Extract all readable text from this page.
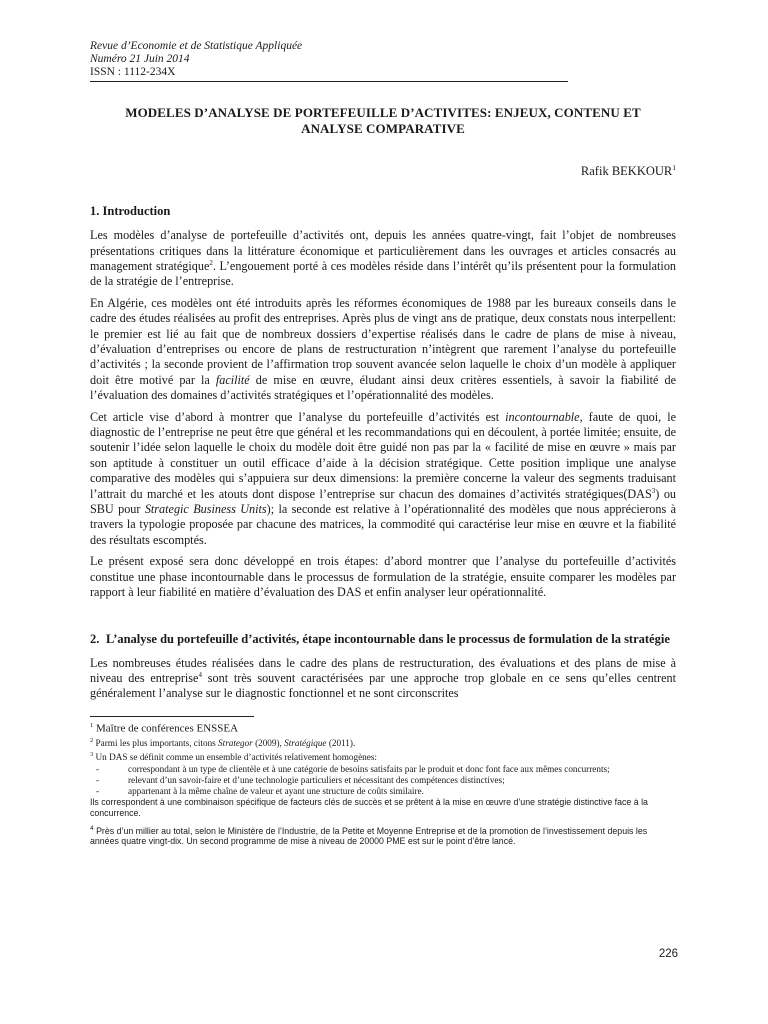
Revue d’Economie et de Statistique Appliquée
Numéro 21 Juin 2014
ISSN : 1112-234X
MODELES D’ANALYSE DE PORTEFEUILLE D’ACTIVITES: ENJEUX, CONTENU ET ANALYSE COMPARATIVE
Rafik BEKKOUR$^1$
1. Introduction

Les modèles d’analyse de portefeuille d’activités ont, depuis les années quatre-vingt, fait l’objet de nombreuses présentations critiques dans la littérature économique et particulièrement dans les ouvrages et articles consacrés au management stratégique$^2$. L’engouement porté à ces modèles réside dans l’intérêt qu’ils présentent pour la formulation de la stratégie de l’entreprise.

En Algérie, ces modèles ont été introduits après les réformes économiques de 1988 par les bureaux conseils dans le cadre des études réalisées au profit des entreprises. Après plus de vingt ans de pratique, deux constats nous interpellent: le premier est lié au fait que de nombreux dossiers d’expertise réalisés dans le cadre de plans de mise à niveau, d’évaluation d’entreprises ou encore de plans de restructuration n’intègrent que rarement l’analyse du portefeuille d’activités ; la seconde provient de l’affirmation trop souvent avancée selon laquelle le choix d’un modèle à appliquer doit être motivé par la facilité de mise en œuvre, éludant ainsi deux critères essentiels, à savoir la fiabilité de l’évaluation des domaines d’activités stratégiques et l’opérationnalité des modèles.

Cet article vise d’abord à montrer que l’analyse du portefeuille d’activités est incontournable, faute de quoi, le diagnostic de l’entreprise ne peut être que général et les recommandations qui en découlent, à portée limitée; ensuite, de soutenir l’idée selon laquelle le choix du modèle doit être guidé non pas par la « facilité de mise en œuvre » mais par son aptitude à constituer un outil efficace d’aide à la décision stratégique. Cette position implique une analyse comparative des modèles qui s’appuiera sur deux dimensions: la première concerne la valeur des segments traduisant l’attrait du marché et les atouts dont dispose l’entreprise sur chacun des domaines d’activités stratégiques(DAS$^3$) ou SBU pour Strategic Business Units); la seconde est relative à l’opérationnalité des modèles que nous apprécierons à travers la typologie proposée par chacune des matrices, la commodité qui caractérise leur mise en œuvre et la fiabilité des résultats escomptés.

Le présent exposé sera donc développé en trois étapes: d’abord montrer que l’analyse du portefeuille d’activités constitue une phase incontournable dans le processus de formulation de la stratégie, ensuite comparer les modèles par rapport à leur fiabilité en matière d’évaluation des DAS et enfin analyser leur opérationnalité.

2. L’analyse du portefeuille d’activités, étape incontournable dans le processus de formulation de la stratégie

Les nombreuses études réalisées dans le cadre des plans de restructuration, des évaluations et des plans de mise à niveau des entreprise$^4$ sont très souvent caractérisées par une approche trop globale en ce sens qu’elles centrent généralement l’analyse sur le diagnostic fonctionnel et ne sont circonscrites

$^1$ Maître de conférences ENSSEA
$^2$ Parmi les plus importants, citons Strategor (2009), Stratégique (2011).
$^3$ Un DAS se définit comme un ensemble d’activités relativement homogènes:
-	correspondant à un type de clientèle et à une catégorie de besoins satisfaits par le produit et donc font face aux mêmes concurrents;
-	relevant d’un savoir-faire et d’une technologie particuliers et nécessitant des compétences distinctives;
-	appartenant à la même chaîne de valeur et ayant une structure de coûts similaire.
Ils correspondent à une combinaison spécifique de facteurs clés de succès et se prêtent à la mise en œuvre d’une stratégie distinctive face à la concurrence.
$^4$ Près d’un millier au total, selon le Ministère de l’Industrie, de la Petite et Moyenne Entreprise et de la promotion de l’investissement depuis les années quatre vingt-dix. Un second programme de mise à niveau de 20000 PME est sur le point d’être lancé.
226
